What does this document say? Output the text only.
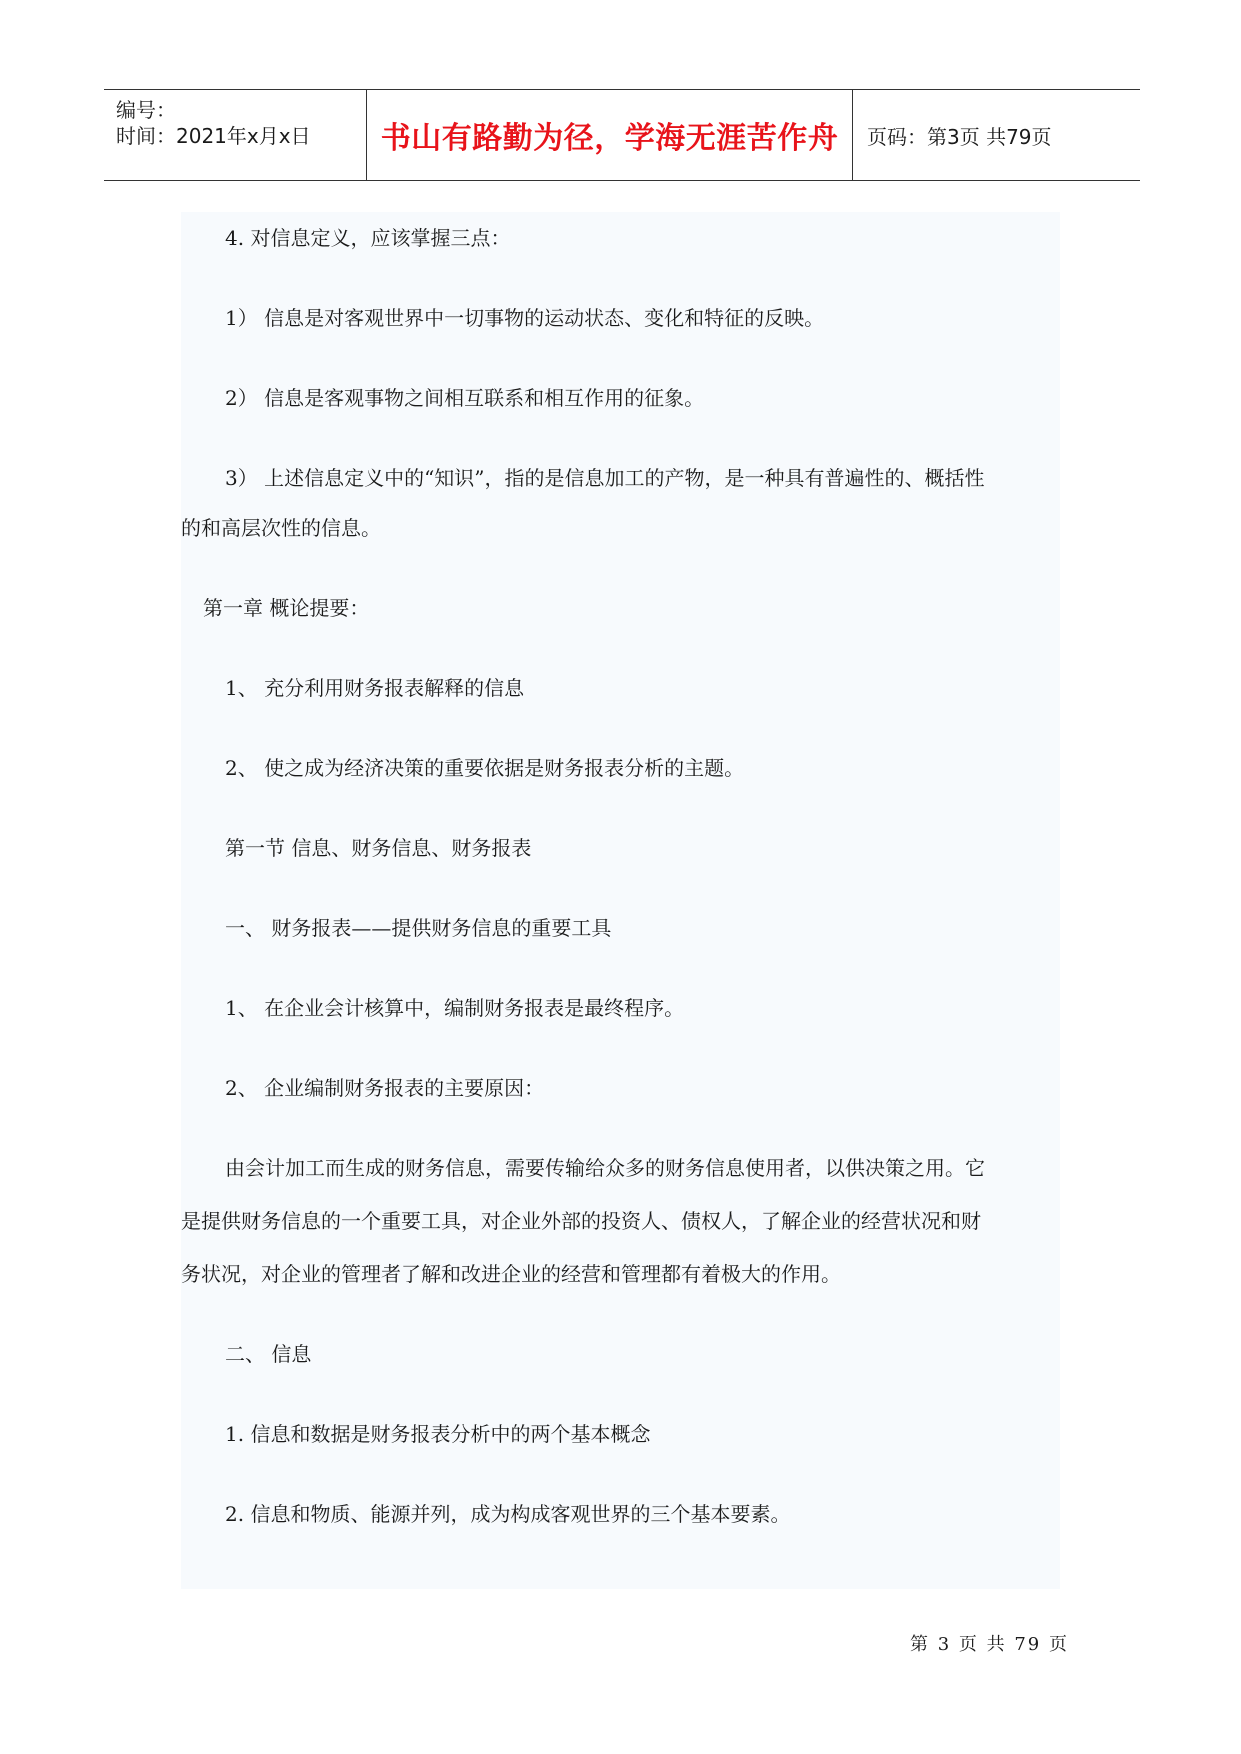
编号：
时间：2021年x月x日 书山有路勤为径，学海无涯苦作舟 页码：第3页 共79页
4. 对信息定义，应该掌握三点：
1） 信息是对客观世界中一切事物的运动状态、变化和特征的反映。
2） 信息是客观事物之间相互联系和相互作用的征象。
3） 上述信息定义中的“知识”，指的是信息加工的产物，是一种具有普遍性的、概括性
的和高层次性的信息。
第一章 概论提要：
1、 充分利用财务报表解释的信息
2、 使之成为经济决策的重要依据是财务报表分析的主题。
第一节 信息、财务信息、财务报表
一、 财务报表——提供财务信息的重要工具
1、 在企业会计核算中，编制财务报表是最终程序。
2、 企业编制财务报表的主要原因：
由会计加工而生成的财务信息，需要传输给众多的财务信息使用者，以供决策之用。它
是提供财务信息的一个重要工具，对企业外部的投资人、债权人，了解企业的经营状况和财
务状况，对企业的管理者了解和改进企业的经营和管理都有着极大的作用。
二、 信息
1. 信息和数据是财务报表分析中的两个基本概念
2. 信息和物质、能源并列，成为构成客观世界的三个基本要素。
第 3 页 共 79 页
